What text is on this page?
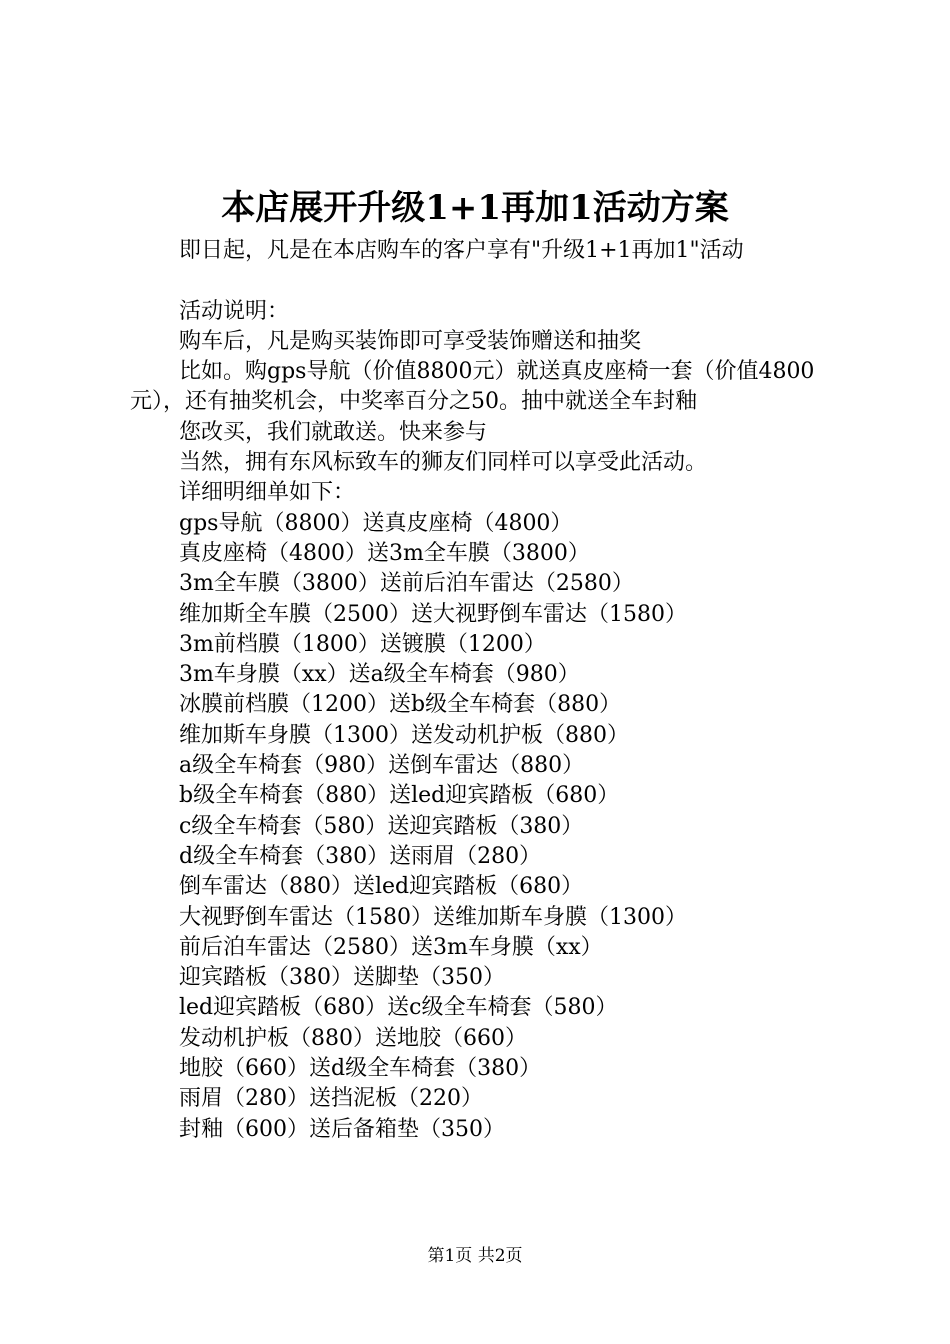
本店展开升级1+1再加1活动方案

即日起，凡是在本店购车的客户享有"升级1+1再加1"活动

活动说明：

购车后，凡是购买装饰即可享受装饰赠送和抽奖

比如。购gps导航（价值8800元）就送真皮座椅一套（价值4800元），还有抽奖机会，中奖率百分之50。抽中就送全车封釉

您改买，我们就敢送。快来参与

当然，拥有东风标致车的狮友们同样可以享受此活动。

详细明细单如下：

gps导航（8800）送真皮座椅（4800）

真皮座椅（4800）送3m全车膜（3800）

3m全车膜（3800）送前后泊车雷达（2580）

维加斯全车膜（2500）送大视野倒车雷达（1580）

3m前档膜（1800）送镀膜（1200）

3m车身膜（xx）送a级全车椅套（980）

冰膜前档膜（1200）送b级全车椅套（880）

维加斯车身膜（1300）送发动机护板（880）

a级全车椅套（980）送倒车雷达（880）

b级全车椅套（880）送led迎宾踏板（680）

c级全车椅套（580）送迎宾踏板（380）

d级全车椅套（380）送雨眉（280）

倒车雷达（880）送led迎宾踏板（680）

大视野倒车雷达（1580）送维加斯车身膜（1300）

前后泊车雷达（2580）送3m车身膜（xx）

迎宾踏板（380）送脚垫（350）

led迎宾踏板（680）送c级全车椅套（580）

发动机护板（880）送地胶（660）

地胶（660）送d级全车椅套（380）

雨眉（280）送挡泥板（220）

封釉（600）送后备箱垫（350）

第1页 共2页
